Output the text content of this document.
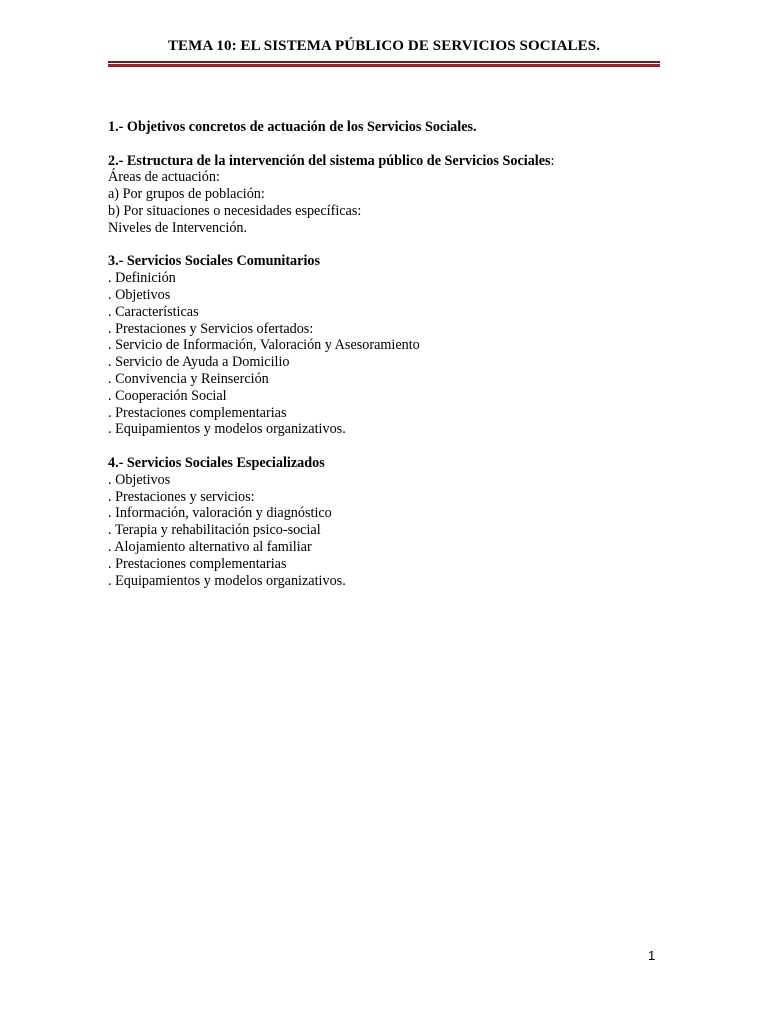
TEMA 10: EL SISTEMA PÚBLICO DE SERVICIOS SOCIALES.
1.- Objetivos concretos de actuación de los Servicios Sociales.
2.- Estructura de la intervención del sistema público de Servicios Sociales:
Áreas de actuación:
a) Por grupos de población:
b) Por situaciones o necesidades específicas:
Niveles de Intervención.
3.- Servicios Sociales Comunitarios
. Definición
. Objetivos
. Características
. Prestaciones y Servicios ofertados:
. Servicio de Información, Valoración y Asesoramiento
. Servicio de Ayuda a Domicilio
. Convivencia y Reinserción
. Cooperación Social
. Prestaciones complementarias
. Equipamientos y modelos organizativos.
4.- Servicios Sociales Especializados
. Objetivos
. Prestaciones y servicios:
. Información, valoración y diagnóstico
. Terapia y rehabilitación psico-social
. Alojamiento alternativo al familiar
. Prestaciones complementarias
. Equipamientos y modelos organizativos.
1
